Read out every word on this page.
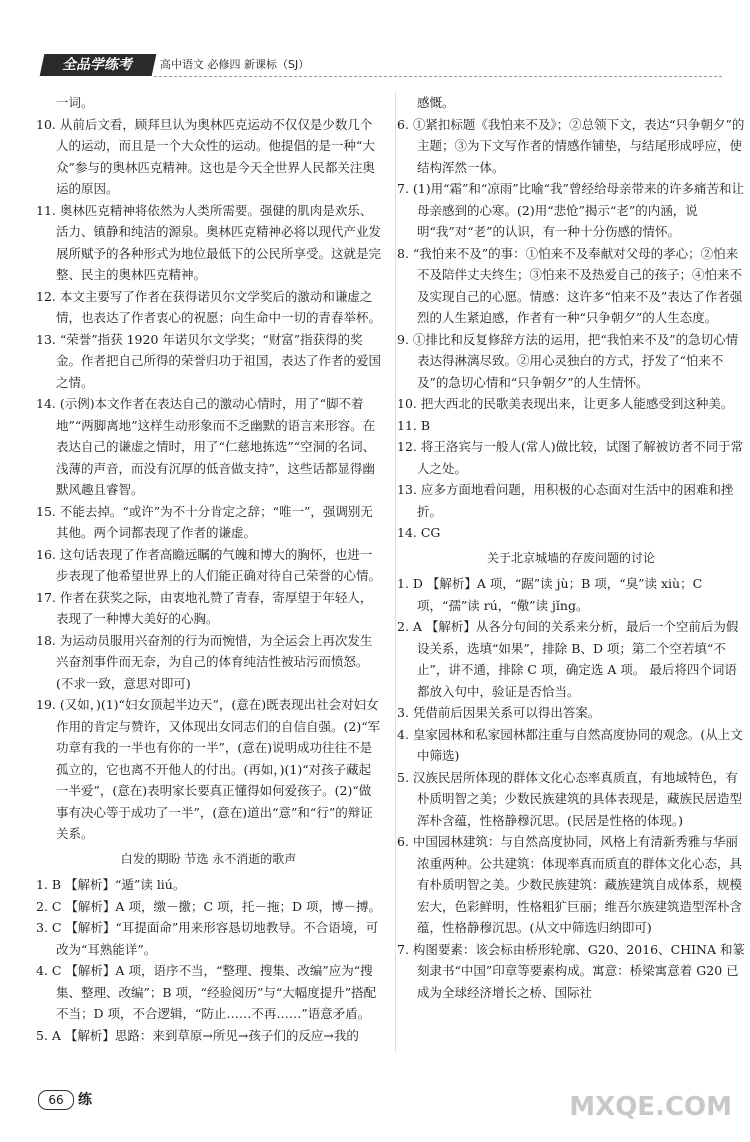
全品学练考	高中语文 必修四 新课标（SJ）

一词。

10. 从前后文看，顾拜旦认为奥林匹克运动不仅仅是少数几个人的运动，而且是一个大众性的运动。他提倡的是一种“大众”参与的奥林匹克精神。这也是今天全世界人民都关注奥运的原因。

11. 奥林匹克精神将依然为人类所需要。强健的肌肉是欢乐、活力、镇静和纯洁的源泉。奥林匹克精神必将以现代产业发展所赋予的各种形式为地位最低下的公民所享受。这就是完整、民主的奥林匹克精神。

12. 本文主要写了作者在获得诺贝尔文学奖后的激动和谦虚之情，也表达了作者衷心的祝愿；向生命中一切的青春举杯。

13. “荣誉”指获 1920 年诺贝尔文学奖；“财富”指获得的奖金。作者把自己所得的荣誉归功于祖国，表达了作者的爱国之情。

14. (示例)本文作者在表达自己的激动心情时，用了“脚不着地”“两脚离地”这样生动形象而不乏幽默的语言来形容。在表达自己的谦虚之情时，用了“仁慈地拣选”“空洞的名词、浅薄的声音，而没有沉厚的低音做支持”，这些话都显得幽默风趣且睿智。

15. 不能去掉。“或许”为不十分肯定之辞；“唯一”，强调别无其他。两个词都表现了作者的谦虚。

16. 这句话表现了作者高瞻远瞩的气魄和博大的胸怀，也进一步表现了他希望世界上的人们能正确对待自己荣誉的心情。

17. 作者在获奖之际，由衷地礼赞了青春，寄厚望于年轻人，表现了一种博大美好的心胸。

18. 为运动员服用兴奋剂的行为而惋惜，为全运会上再次发生兴奋剂事件而无奈，为自己的体育纯洁性被玷污而愤怒。(不求一致，意思对即可)

19. (又如，)(1)“妇女顶起半边天”，(意在)既表现出社会对妇女作用的肯定与赞许，又体现出女同志们的自信自强。(2)“军功章有我的一半也有你的一半”，(意在)说明成功往往不是孤立的，它也离不开他人的付出。(再如，)(1)“对孩子藏起一半爱”，(意在)表明家长要真正懂得如何爱孩子。(2)“做事有决心等于成功了一半”，(意在)道出“意”和“行”的辩证关系。

白发的期盼 节选 永不消逝的歌声

1. B 【解析】“遁”读 liú。

2. C 【解析】A 项，缴－撽；C 项，托－拖；D 项，博－搏。

3. C 【解析】“耳提面命”用来形容恳切地教导。不合语境，可改为“耳熟能详”。

4. C 【解析】A 项，语序不当，“整理、搜集、改编”应为“搜集、整理、改编”；B 项，“经验阅历”与“大幅度提升”搭配不当；D 项，不合逻辑，“防止……不再……”语意矛盾。

5. A 【解析】思路：来到草原→所见→孩子们的反应→我的

感慨。

6. ①紧扣标题《我怕来不及》；②总领下文，表达“只争朝夕”的主题；③为下文写作者的情感作铺垫，与结尾形成呼应，使结构浑然一体。

7. (1)用“霜”和“凉雨”比喻“我”曾经给母亲带来的许多痛苦和让母亲感到的心寒。(2)用“悲怆”揭示“老”的内涵，说明“我”对“老”的认识，有一种十分伤感的情怀。

8. “我怕来不及”的事：①怕来不及奉献对父母的孝心；②怕来不及陪伴丈夫终生；③怕来不及热爱自己的孩子；④怕来不及实现自己的心愿。情感：这许多“怕来不及”表达了作者强烈的人生紧迫感，作者有一种“只争朝夕”的人生态度。

9. ①排比和反复修辞方法的运用，把“我怕来不及”的急切心情表达得淋漓尽致。②用心灵独白的方式，抒发了“怕来不及”的急切心情和“只争朝夕”的人生情怀。

10. 把大西北的民歌美表现出来，让更多人能感受到这种美。

11. B

12. 将王洛宾与一般人(常人)做比较，试图了解被访者不同于常人之处。

13. 应多方面地看问题，用积极的心态面对生活中的困难和挫折。

14. CG

关于北京城墙的存废问题的讨论

1. D 【解析】A 项，“踞”读 jù；B 项，“臭”读 xiù；C 项，“孺”读 rú，“儆”读 jǐng。

2. A 【解析】从各分句间的关系来分析，最后一个空前后为假设关系，选填“如果”，排除 B、D 项；第二个空若填“不止”，讲不通，排除 C 项，确定选 A 项。 最后将四个词语都放入句中，验证是否恰当。

3. 凭借前后因果关系可以得出答案。

4. 皇家园林和私家园林都注重与自然高度协同的观念。(从上文中筛选)

5. 汉族民居所体现的群体文化心态率真质直，有地域特色，有朴质明智之美；少数民族建筑的具体表现是，藏族民居造型浑朴含蕴，性格静穆沉思。(民居是性格的体现。)

6. 中国园林建筑：与自然高度协同，风格上有清新秀雅与华丽浓重两种。公共建筑：体现率真而质直的群体文化心态，具有朴质明智之美。少数民族建筑：藏族建筑自成体系，规模宏大，色彩鲜明，性格粗犷巨丽；维吾尔族建筑造型浑朴含蕴，性格静穆沉思。(从文中筛选归纳即可)

7. 构图要素：该会标由桥形轮廓、G20、2016、CHINA 和篆刻隶书“中国”印章等要素构成。寓意：桥梁寓意着 G20 已成为全球经济增长之桥、国际社

66	练	MXQE.COM
